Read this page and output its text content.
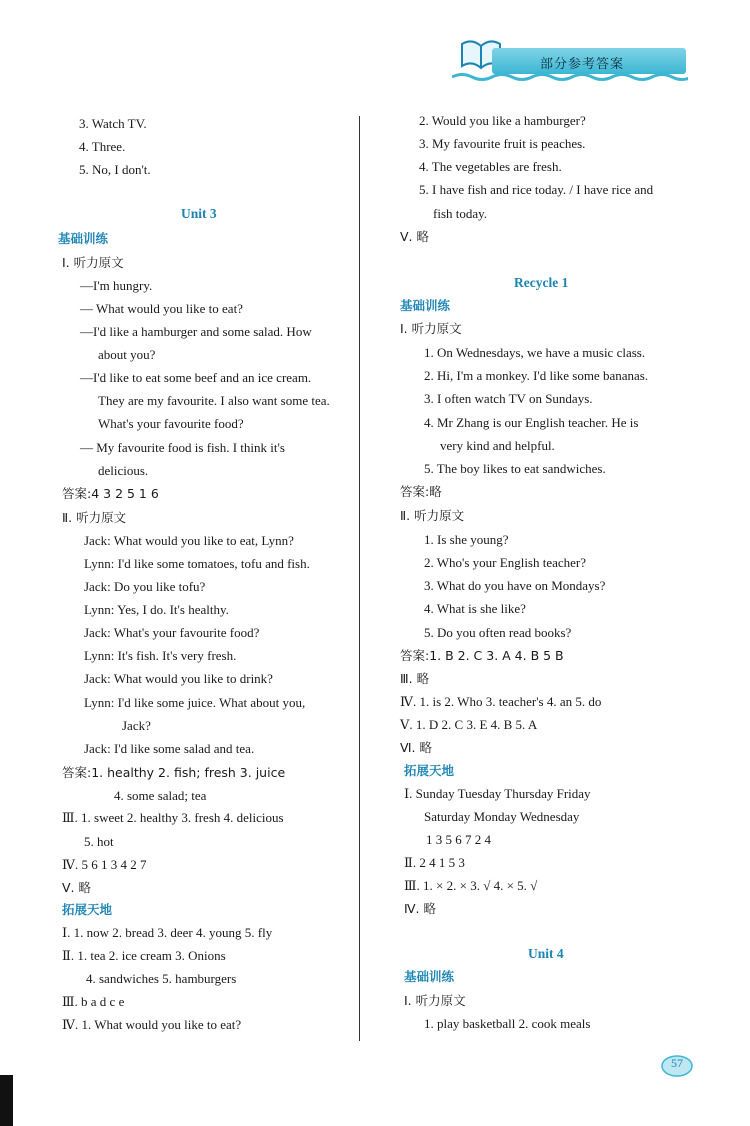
部分参考答案
3. Watch TV.
4. Three.
5. No, I don't.
Unit 3
基础训练
Ⅰ. 听力原文
—I'm hungry.
— What would you like to eat?
—I'd like a hamburger and some salad. How
about you?
—I'd like to eat some beef and an ice cream.
They are my favourite. I also want some tea.
What's your favourite food?
— My favourite food is fish. I think it's
delicious.
答案:4 3 2 5 1 6
Ⅱ. 听力原文
Jack: What would you like to eat, Lynn?
Lynn: I'd like some tomatoes, tofu and fish.
Jack: Do you like tofu?
Lynn: Yes, I do. It's healthy.
Jack: What's your favourite food?
Lynn: It's fish. It's very fresh.
Jack: What would you like to drink?
Lynn: I'd like some juice. What about you,
Jack?
Jack: I'd like some salad and tea.
答案:1. healthy 2. fish; fresh 3. juice
4. some salad; tea
Ⅲ. 1. sweet 2. healthy 3. fresh 4. delicious
5. hot
Ⅳ. 5 6 1 3 4 2 7
Ⅴ. 略
拓展天地
Ⅰ. 1. now 2. bread 3. deer 4. young 5. fly
Ⅱ. 1. tea 2. ice cream 3. Onions
4. sandwiches 5. hamburgers
Ⅲ. b a d c e
Ⅳ. 1. What would you like to eat?
2. Would you like a hamburger?
3. My favourite fruit is peaches.
4. The vegetables are fresh.
5. I have fish and rice today. / I have rice and
fish today.
Ⅴ. 略
Recycle 1
基础训练
Ⅰ. 听力原文
1. On Wednesdays, we have a music class.
2. Hi, I'm a monkey. I'd like some bananas.
3. I often watch TV on Sundays.
4. Mr Zhang is our English teacher. He is
very kind and helpful.
5. The boy likes to eat sandwiches.
答案:略
Ⅱ. 听力原文
1. Is she young?
2. Who's your English teacher?
3. What do you have on Mondays?
4. What is she like?
5. Do you often read books?
答案:1. B 2. C 3. A 4. B 5 B
Ⅲ. 略
Ⅳ. 1. is 2. Who 3. teacher's 4. an 5. do
Ⅴ. 1. D 2. C 3. E 4. B 5. A
Ⅵ. 略
拓展天地
Ⅰ. Sunday Tuesday Thursday Friday
Saturday Monday Wednesday
1 3 5 6 7 2 4
Ⅱ. 2 4 1 5 3
Ⅲ. 1. × 2. × 3. √ 4. × 5. √
Ⅳ. 略
Unit 4
基础训练
Ⅰ. 听力原文
1. play basketball 2. cook meals
57
